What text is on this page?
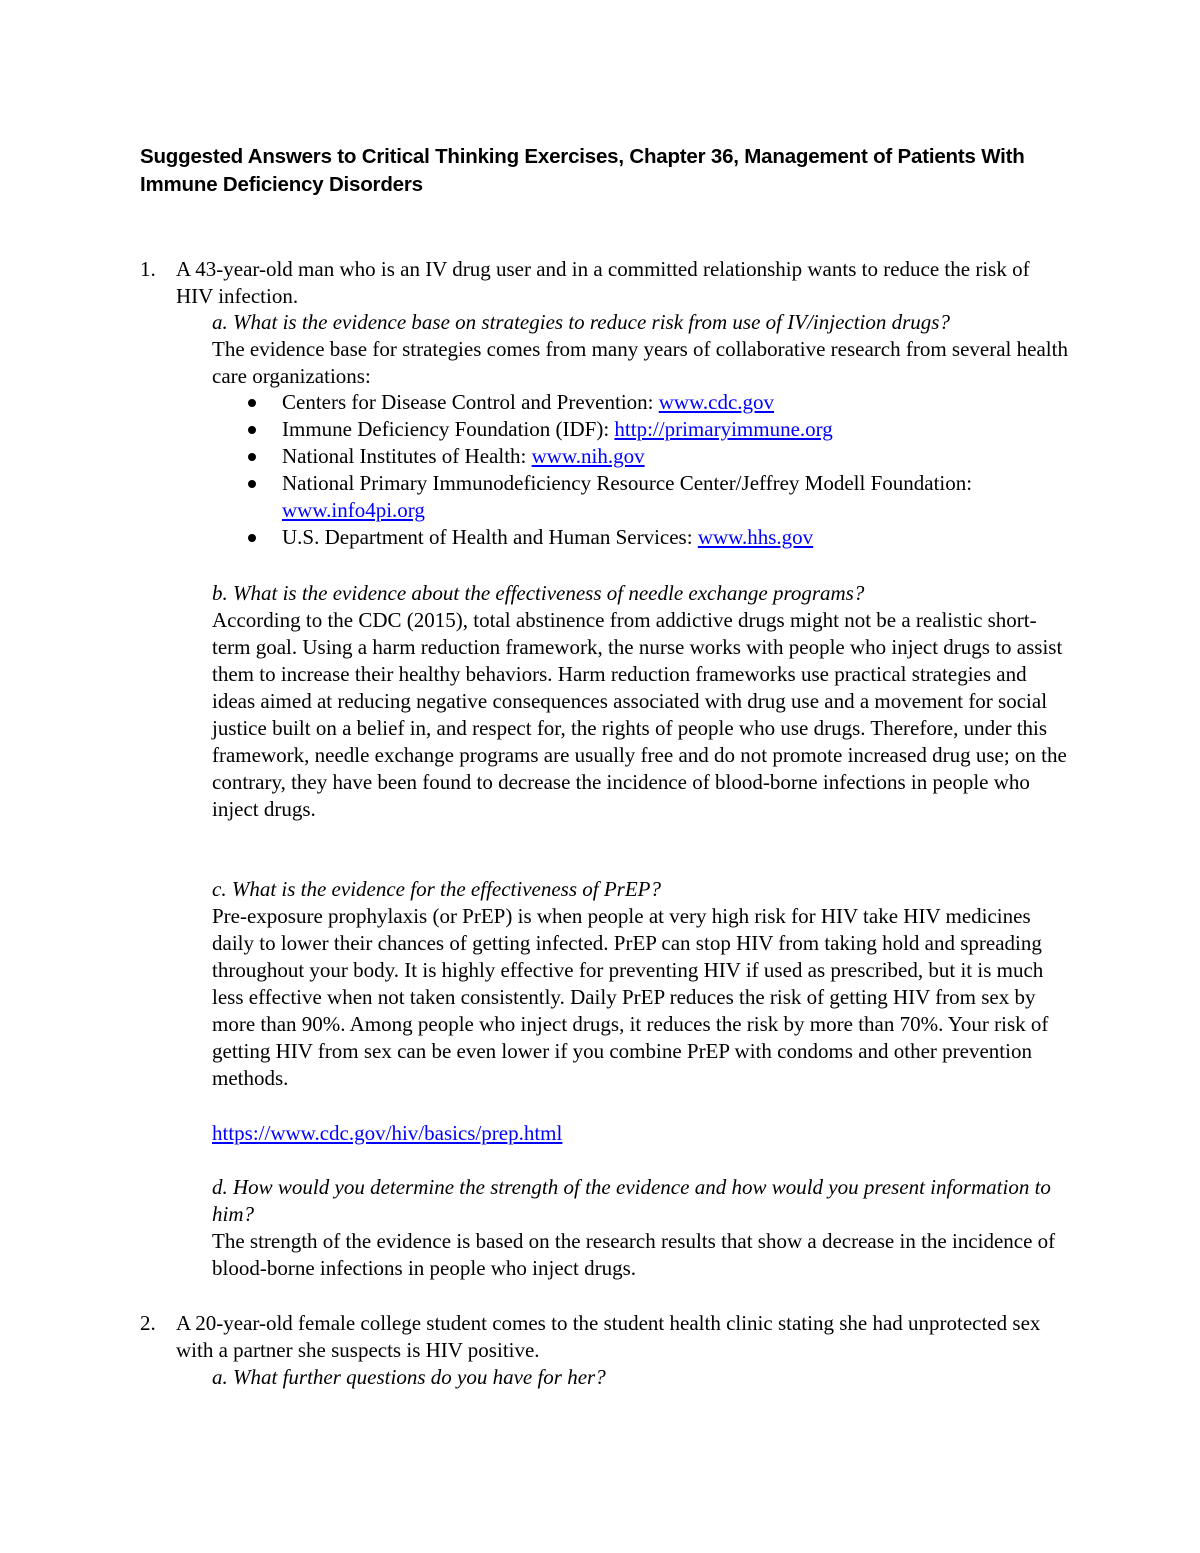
Suggested Answers to Critical Thinking Exercises, Chapter 36, Management of Patients With Immune Deficiency Disorders
1. A 43-year-old man who is an IV drug user and in a committed relationship wants to reduce the risk of HIV infection.
a. What is the evidence base on strategies to reduce risk from use of IV/injection drugs?
The evidence base for strategies comes from many years of collaborative research from several health care organizations:
Centers for Disease Control and Prevention: www.cdc.gov
Immune Deficiency Foundation (IDF): http://primaryimmune.org
National Institutes of Health: www.nih.gov
National Primary Immunodeficiency Resource Center/Jeffrey Modell Foundation: www.info4pi.org
U.S. Department of Health and Human Services: www.hhs.gov
b. What is the evidence about the effectiveness of needle exchange programs?
According to the CDC (2015), total abstinence from addictive drugs might not be a realistic short-term goal. Using a harm reduction framework, the nurse works with people who inject drugs to assist them to increase their healthy behaviors. Harm reduction frameworks use practical strategies and ideas aimed at reducing negative consequences associated with drug use and a movement for social justice built on a belief in, and respect for, the rights of people who use drugs. Therefore, under this framework, needle exchange programs are usually free and do not promote increased drug use; on the contrary, they have been found to decrease the incidence of blood-borne infections in people who inject drugs.
c. What is the evidence for the effectiveness of PrEP?
Pre-exposure prophylaxis (or PrEP) is when people at very high risk for HIV take HIV medicines daily to lower their chances of getting infected. PrEP can stop HIV from taking hold and spreading throughout your body. It is highly effective for preventing HIV if used as prescribed, but it is much less effective when not taken consistently. Daily PrEP reduces the risk of getting HIV from sex by more than 90%. Among people who inject drugs, it reduces the risk by more than 70%. Your risk of getting HIV from sex can be even lower if you combine PrEP with condoms and other prevention methods.
https://www.cdc.gov/hiv/basics/prep.html
d. How would you determine the strength of the evidence and how would you present information to him?
The strength of the evidence is based on the research results that show a decrease in the incidence of blood-borne infections in people who inject drugs.
2. A 20-year-old female college student comes to the student health clinic stating she had unprotected sex with a partner she suspects is HIV positive.
a. What further questions do you have for her?
